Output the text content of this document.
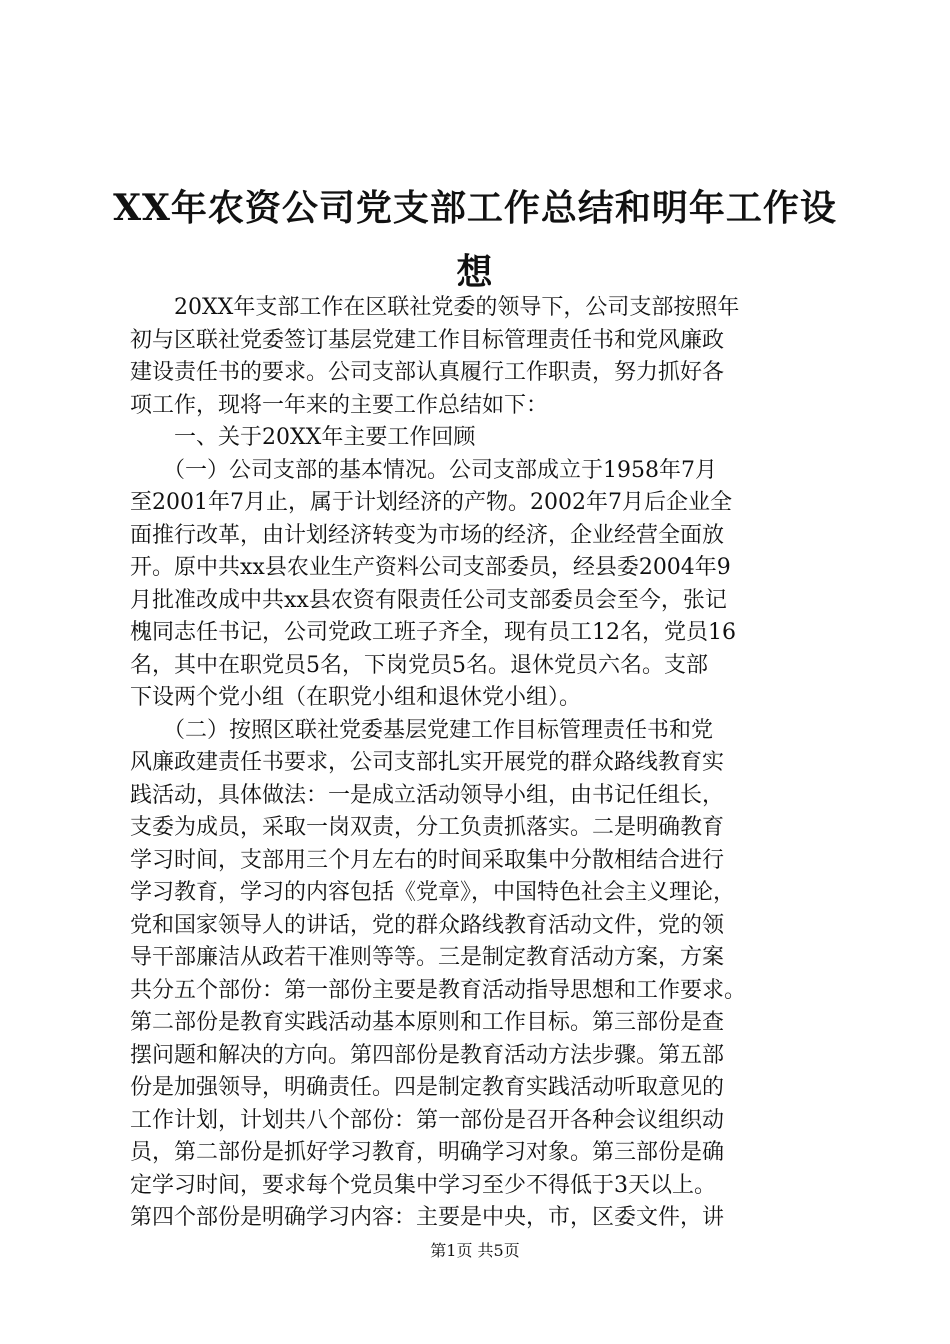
XX年农资公司党支部工作总结和明年工作设
想
　　20XX年支部工作在区联社党委的领导下，公司支部按照年
初与区联社党委签订基层党建工作目标管理责任书和党风廉政
建设责任书的要求。公司支部认真履行工作职责，努力抓好各
项工作，现将一年来的主要工作总结如下：
　　一、关于20XX年主要工作回顾
　　（一）公司支部的基本情况。公司支部成立于1958年7月
至2001年7月止，属于计划经济的产物。2002年7月后企业全
面推行改革，由计划经济转变为市场的经济，企业经营全面放
开。原中共xx县农业生产资料公司支部委员，经县委2004年9
月批准改成中共xx县农资有限责任公司支部委员会至今，张记
槐同志任书记，公司党政工班子齐全，现有员工12名，党员16
名，其中在职党员5名，下岗党员5名。退休党员六名。支部
下设两个党小组（在职党小组和退休党小组）。
　　（二）按照区联社党委基层党建工作目标管理责任书和党
风廉政建责任书要求，公司支部扎实开展党的群众路线教育实
践活动，具体做法：一是成立活动领导小组，由书记任组长，
支委为成员，采取一岗双责，分工负责抓落实。二是明确教育
学习时间，支部用三个月左右的时间采取集中分散相结合进行
学习教育，学习的内容包括《党章》，中国特色社会主义理论，
党和国家领导人的讲话，党的群众路线教育活动文件，党的领
导干部廉洁从政若干准则等等。三是制定教育活动方案，方案
共分五个部份：第一部份主要是教育活动指导思想和工作要求。
第二部份是教育实践活动基本原则和工作目标。第三部份是查
摆问题和解决的方向。第四部份是教育活动方法步骤。第五部
份是加强领导，明确责任。四是制定教育实践活动听取意见的
工作计划，计划共八个部份：第一部份是召开各种会议组织动
员，第二部份是抓好学习教育，明确学习对象。第三部份是确
定学习时间，要求每个党员集中学习至少不得低于3天以上。
第四个部份是明确学习内容：主要是中央，市，区委文件，讲
第1页 共5页
